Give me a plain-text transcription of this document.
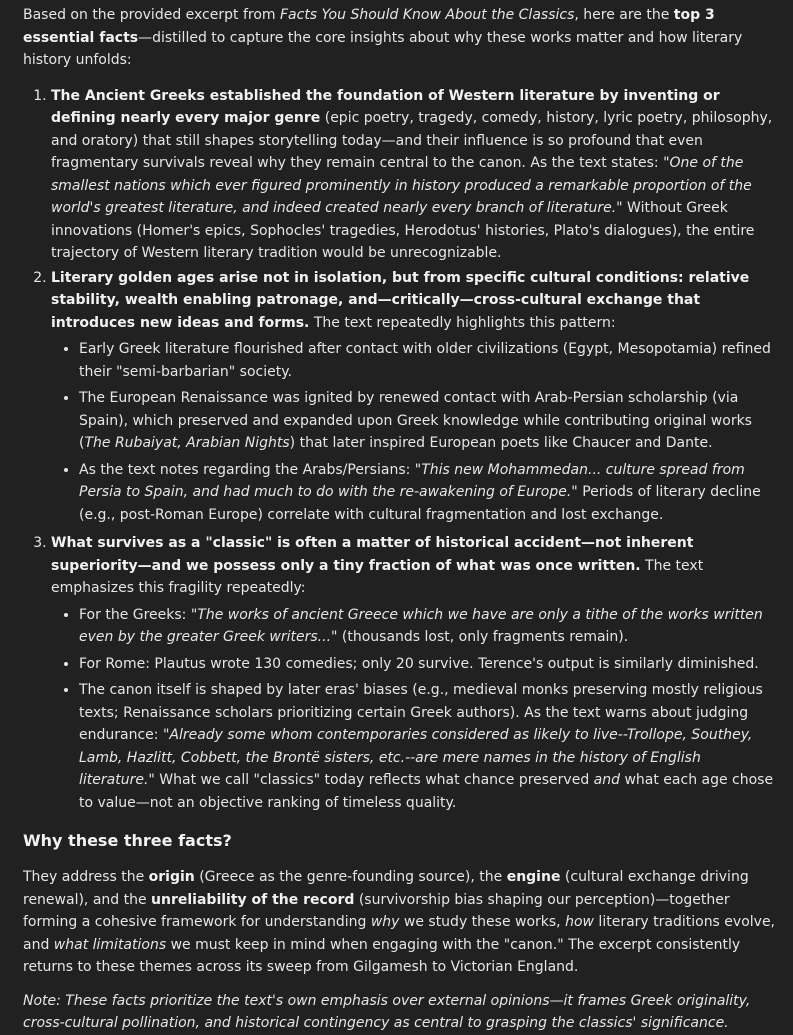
Based on the provided excerpt from Facts You Should Know About the Classics, here are the top 3 essential facts—distilled to capture the core insights about why these works matter and how literary history unfolds:

1. The Ancient Greeks established the foundation of Western literature by inventing or defining nearly every major genre (epic poetry, tragedy, comedy, history, lyric poetry, philosophy, and oratory) that still shapes storytelling today—and their influence is so profound that even fragmentary survivals reveal why they remain central to the canon. As the text states: "One of the smallest nations which ever figured prominently in history produced a remarkable proportion of the world's greatest literature, and indeed created nearly every branch of literature." Without Greek innovations (Homer's epics, Sophocles' tragedies, Herodotus' histories, Plato's dialogues), the entire trajectory of Western literary tradition would be unrecognizable.
2. Literary golden ages arise not in isolation, but from specific cultural conditions: relative stability, wealth enabling patronage, and—critically—cross-cultural exchange that introduces new ideas and forms. The text repeatedly highlights this pattern:
• Early Greek literature flourished after contact with older civilizations (Egypt, Mesopotamia) refined their "semi-barbarian" society.
• The European Renaissance was ignited by renewed contact with Arab-Persian scholarship (via Spain), which preserved and expanded upon Greek knowledge while contributing original works (The Rubaiyat, Arabian Nights) that later inspired European poets like Chaucer and Dante.
• As the text notes regarding the Arabs/Persians: "This new Mohammedan... culture spread from Persia to Spain, and had much to do with the re-awakening of Europe." Periods of literary decline (e.g., post-Roman Europe) correlate with cultural fragmentation and lost exchange.
3. What survives as a "classic" is often a matter of historical accident—not inherent superiority—and we possess only a tiny fraction of what was once written. The text emphasizes this fragility repeatedly:
• For the Greeks: "The works of ancient Greece which we have are only a tithe of the works written even by the greater Greek writers..." (thousands lost, only fragments remain).
• For Rome: Plautus wrote 130 comedies; only 20 survive. Terence's output is similarly diminished.
• The canon itself is shaped by later eras' biases (e.g., medieval monks preserving mostly religious texts; Renaissance scholars prioritizing certain Greek authors). As the text warns about judging endurance: "Already some whom contemporaries considered as likely to live--Trollope, Southey, Lamb, Hazlitt, Cobbett, the Brontë sisters, etc.--are mere names in the history of English literature." What we call "classics" today reflects what chance preserved and what each age chose to value—not an objective ranking of timeless quality.
Why these three facts?

They address the origin (Greece as the genre-founding source), the engine (cultural exchange driving renewal), and the unreliability of the record (survivorship bias shaping our perception)—together forming a cohesive framework for understanding why we study these works, how literary traditions evolve, and what limitations we must keep in mind when engaging with the "canon." The excerpt consistently returns to these themes across its sweep from Gilgamesh to Victorian England.

Note: These facts prioritize the text's own emphasis over external opinions—it frames Greek originality, cross-cultural pollination, and historical contingency as central to grasping the classics' significance.
